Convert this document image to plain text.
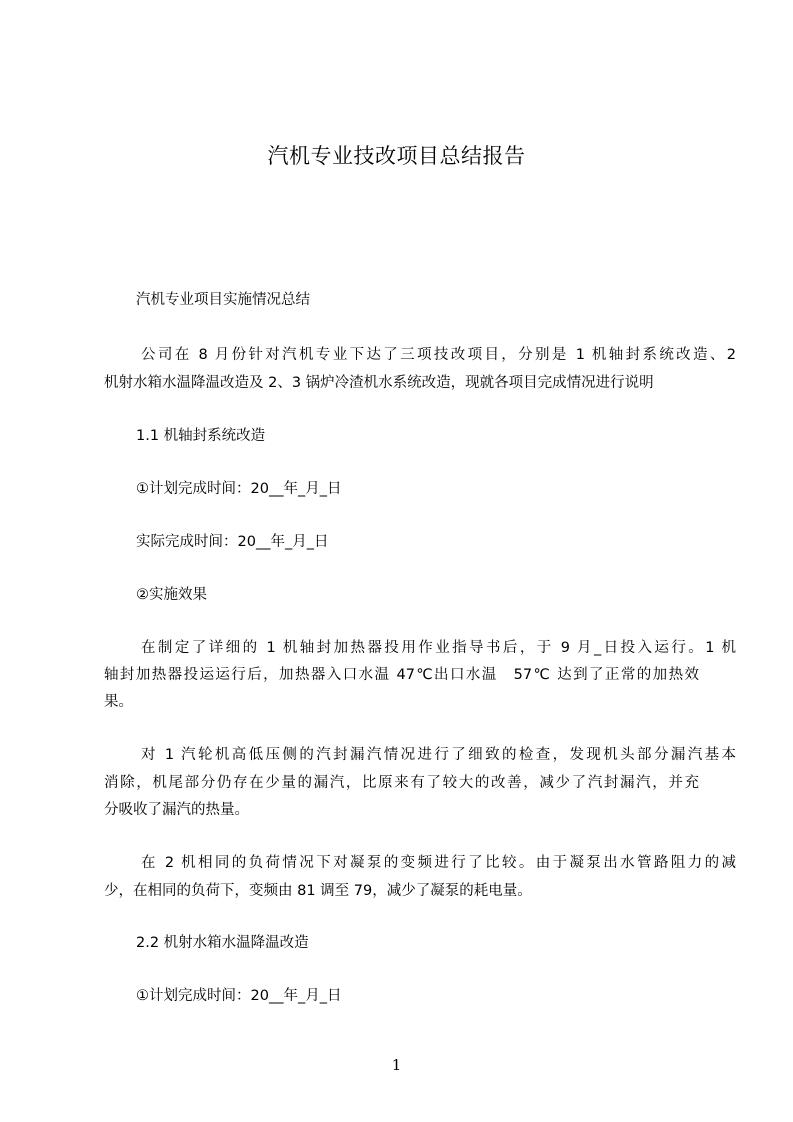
汽机专业技改项目总结报告
汽机专业项目实施情况总结
公司在 8 月份针对汽机专业下达了三项技改项目，分别是 1 机轴封系统改造、2
机射水箱水温降温改造及 2、3 锅炉冷渣机水系统改造，现就各项目完成情况进行说明
1.1 机轴封系统改造
①计划完成时间：20__年_月_日
实际完成时间：20__年_月_日
②实施效果
在制定了详细的 1 机轴封加热器投用作业指导书后，于 9 月_日投入运行。1 机
轴封加热器投运运行后，加热器入口水温 47℃出口水温　57℃ 达到了正常的加热效
果。
对 1 汽轮机高低压侧的汽封漏汽情况进行了细致的检查，发现机头部分漏汽基本
消除，机尾部分仍存在少量的漏汽，比原来有了较大的改善，减少了汽封漏汽，并充
分吸收了漏汽的热量。
在 2 机相同的负荷情况下对凝泵的变频进行了比较。由于凝泵出水管路阻力的减
少，在相同的负荷下，变频由 81 调至 79，减少了凝泵的耗电量。
2.2 机射水箱水温降温改造
①计划完成时间：20__年_月_日
1
